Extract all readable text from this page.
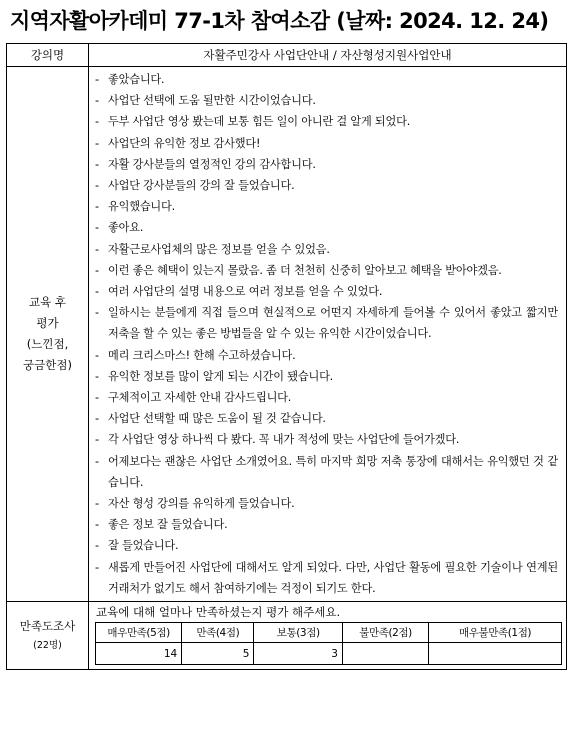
지역자활아카데미 77-1차 참여소감 (날짜: 2024. 12. 24)
강의명	자활주민강사 사업단안내 / 자산형성지원사업안내

교육 후
평가
(느낀점,
궁금한점)

- 좋았습니다.
- 사업단 선택에 도움 될만한 시간이었습니다.
- 두부 사업단 영상 봤는데 보통 힘든 일이 아니란 걸 알게 되었다.
- 사업단의 유익한 정보 감사했다!
- 자활 강사분들의 열정적인 강의 감사합니다.
- 사업단 강사분들의 강의 잘 들었습니다.
- 유익했습니다.
- 좋아요.
- 자활근로사업체의 많은 정보를 얻을 수 있었음.
- 이런 좋은 혜택이 있는지 몰랐음. 좀 더 천천히 신중히 알아보고 혜택을 받아야겠음.
- 여러 사업단의 설명 내용으로 여러 정보를 얻을 수 있었다.
- 일하시는 분들에게 직접 들으며 현실적으로 어떤지 자세하게 들어볼 수 있어서 좋았고 짧지만 저축을 할 수 있는 좋은 방법들을 알 수 있는 유익한 시간이었습니다.
- 메리 크리스마스! 한해 수고하셨습니다.
- 유익한 정보를 많이 알게 되는 시간이 됐습니다.
- 구체적이고 자세한 안내 감사드립니다.
- 사업단 선택할 때 많은 도움이 될 것 같습니다.
- 각 사업단 영상 하나씩 다 봤다. 꼭 내가 적성에 맞는 사업단에 들어가겠다.
- 어제보다는 괜찮은 사업단 소개였어요. 특히 마지막 희망 저축 통장에 대해서는 유익했던 것 같습니다.
- 자산 형성 강의를 유익하게 들었습니다.
- 좋은 정보 잘 들었습니다.
- 잘 들었습니다.
- 새롭게 만들어진 사업단에 대해서도 알게 되었다. 다만, 사업단 활동에 필요한 기술이나 연계된 거래처가 없기도 해서 참여하기에는 걱정이 되기도 한다.

만족도조사
(22명)

교육에 대해 얼마나 만족하셨는지 평가 해주세요.
매우만족(5점)	만족(4점)	보통(3점)	불만족(2점)	매우불만족(1점)
14	5	3		
